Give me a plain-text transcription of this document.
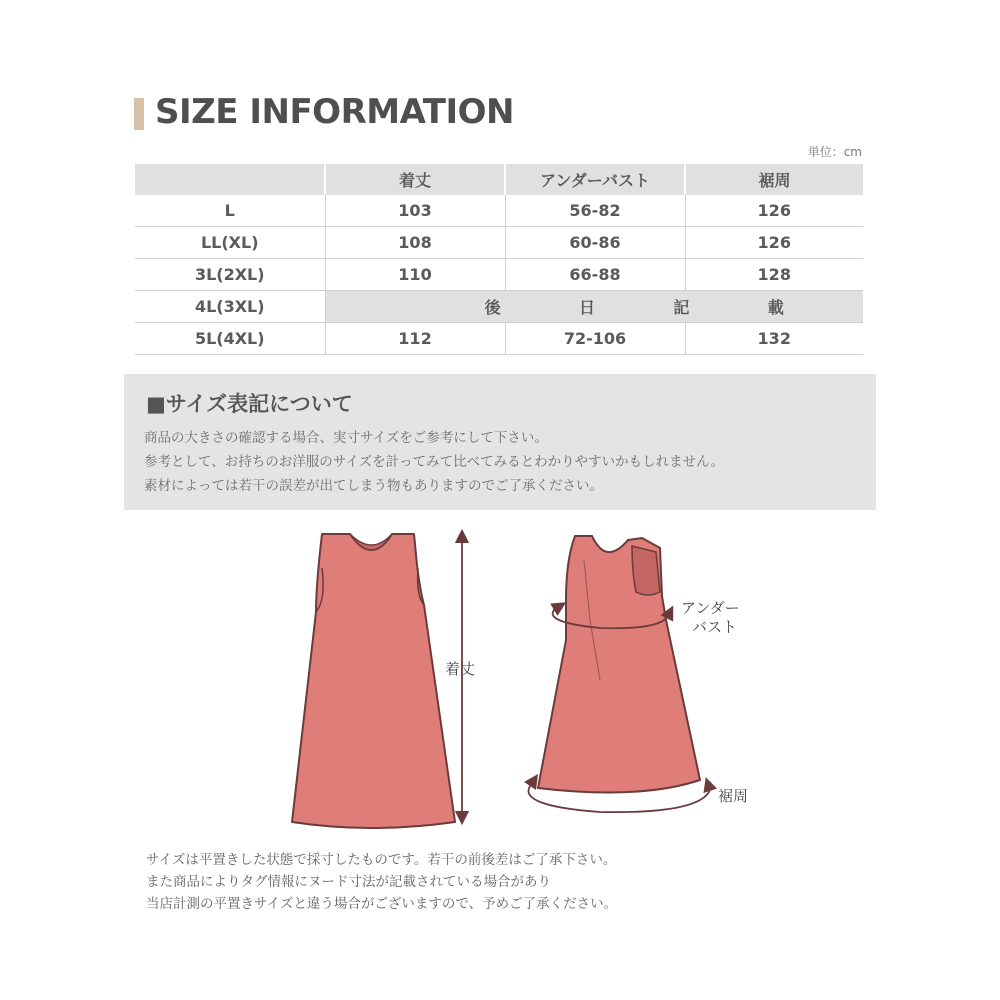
SIZE INFORMATION
単位：cm
	着丈	アンダーバスト	裾周
L	103	56-82	126
LL(XL)	108	60-86	126
3L(2XL)	110	66-88	128
4L(3XL)	後 日 記 載		

5L(4XL)	112	72-106	132
■サイズ表記について
商品の大きさの確認する場合、実寸サイズをご参考にして下さい。
参考として、お持ちのお洋服のサイズを計ってみて比べてみるとわかりやすいかもしれません。
素材によっては若干の誤差が出てしまう物もありますのでご了承ください。
着丈
アンダー
バスト
裾周
サイズは平置きした状態で採寸したものです。若干の前後差はご了承下さい。
また商品によりタグ情報にヌード寸法が記載されている場合があり
当店計測の平置きサイズと違う場合がございますので、予めご了承ください。
